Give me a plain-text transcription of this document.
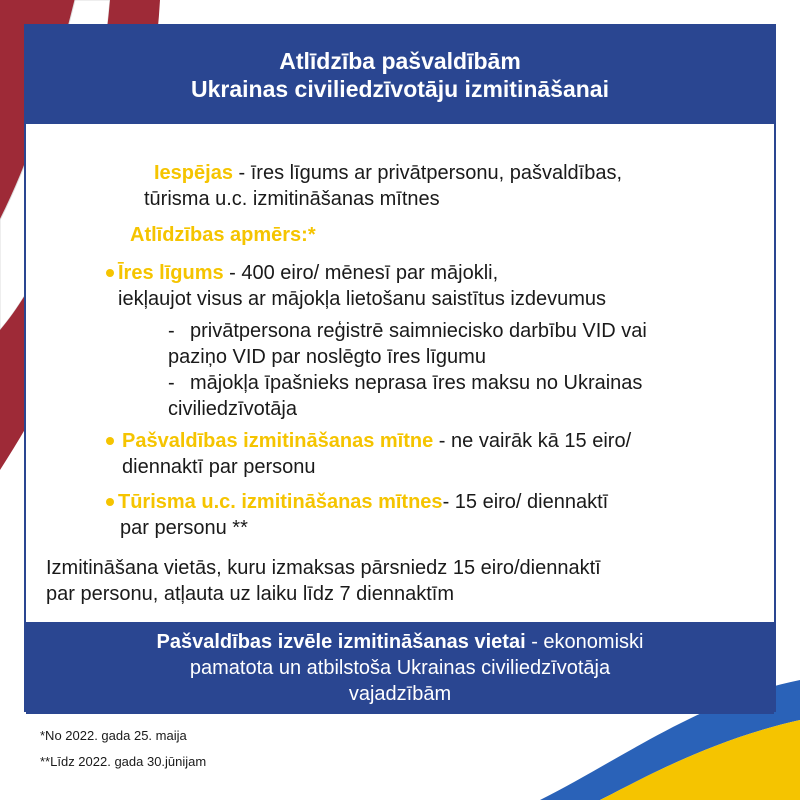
Atlīdzība pašvaldībām
Ukrainas civiliedzīvotāju izmitināšanai
Iespējas - īres līgums ar privātpersonu, pašvaldības,
tūrisma u.c. izmitināšanas mītnes
Atlīdzības apmērs:*
Īres līgums - 400 eiro/ mēnesī par mājokli,
iekļaujot visus ar mājokļa lietošanu saistītus izdevumus
- privātpersona reģistrē saimniecisko darbību VID vai
paziņo VID par noslēgto īres līgumu
- mājokļa īpašnieks neprasa īres maksu no Ukrainas
civiliedzīvotāja
Pašvaldības izmitināšanas mītne - ne vairāk kā 15 eiro/
diennaktī par personu
Tūrisma u.c. izmitināšanas mītnes- 15 eiro/ diennaktī
par personu **
Izmitināšana vietās, kuru izmaksas pārsniedz 15 eiro/diennaktī
par personu, atļauta uz laiku līdz 7 diennaktīm
Pašvaldības izvēle izmitināšanas vietai - ekonomiski
pamatota un atbilstoša Ukrainas civiliedzīvotāja
vajadzībām
*No 2022. gada 25. maija
**Līdz 2022. gada 30.jūnijam
